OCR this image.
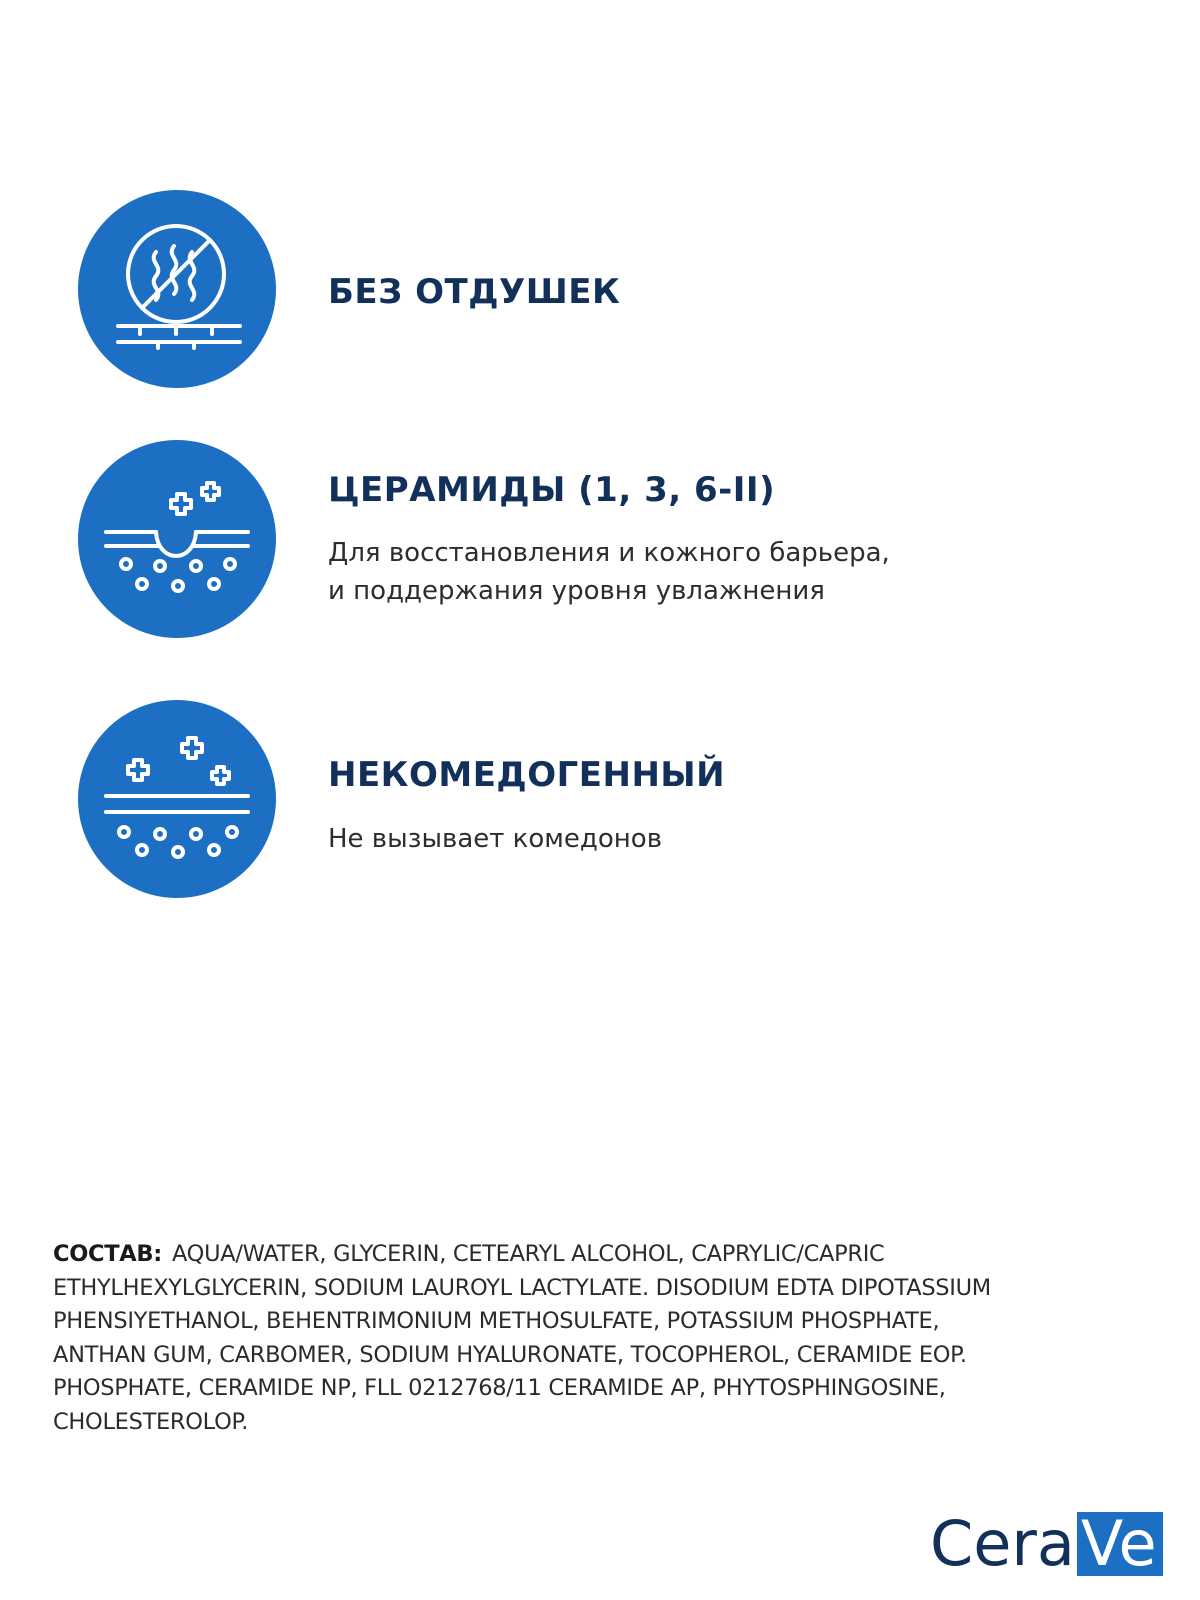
БЕЗ ОТДУШЕК
ЦЕРАМИДЫ (1, 3, 6-II)

Для восстановления и кожного барьера,

и поддержания уровня увлажнения

НЕКОМЕДОГЕННЫЙ

Не вызывает комедонов

СОСТАВ: AQUA/WATER, GLYCERIN, CETEARYL ALCOHOL, CAPRYLIC/CAPRIC
ETHYLHEXYLGLYCERIN, SODIUM LAUROYL LACTYLATE. DISODIUM EDTA DIPOTASSIUM
PHENSIYETHANOL, BEHENTRIMONIUM METHOSULFATE, POTASSIUM PHOSPHATE,
ANTHAN GUM, CARBOMER, SODIUM HYALURONATE, TOCOPHEROL, CERAMIDE EOP.
PHOSPHATE, CERAMIDE NP, FLL 0212768/11 CERAMIDE AP, PHYTOSPHINGOSINE,
CHOLESTEROLOP.
CeraVe
